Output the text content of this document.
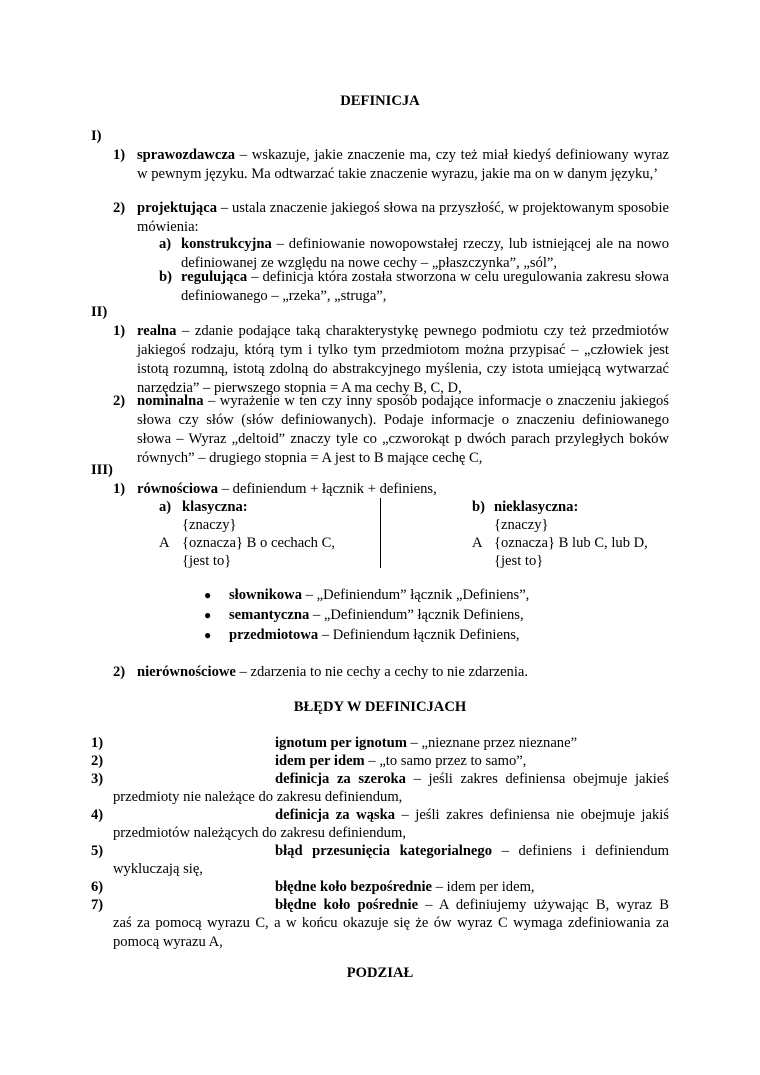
DEFINICJA
I)
1) sprawozdawcza – wskazuje, jakie znaczenie ma, czy też miał kiedyś definiowany wyraz w pewnym języku. Ma odtwarzać takie znaczenie wyrazu, jakie ma on w danym języku,’
2) projektująca – ustala znaczenie jakiegoś słowa na przyszłość, w projektowanym sposobie mówienia:
a) konstrukcyjna – definiowanie nowopowstałej rzeczy, lub istniejącej ale na nowo definiowanej ze względu na nowe cechy – „płaszczynka”, „sól”,
b) regulująca – definicja która została stworzona w celu uregulowania zakresu słowa definiowanego – „rzeka”, „struga”,
II)
1) realna – zdanie podające taką charakterystykę pewnego podmiotu czy też przedmiotów jakiegoś rodzaju, którą tym i tylko tym przedmiotom można przypisać – „człowiek jest istotą rozumną, istotą zdolną do abstrakcyjnego myślenia, czy istota umiejącą wytwarzać narzędzia” – pierwszego stopnia = A ma cechy B, C, D,
2) nominalna – wyrażenie w ten czy inny sposób podające informacje o znaczeniu jakiegoś słowa czy słów (słów definiowanych). Podaje informacje o znaczeniu definiowanego słowa – Wyraz „deltoid” znaczy tyle co „czworokąt p dwóch parach przyległych boków równych” – drugiego stopnia = A jest to B mające cechę C,
III)
1) równościowa – definiendum + łącznik + definiens,
a) klasyczna:
{znaczy}
A {oznacza} B o cechach C,
{jest to}
b) nieklasyczna:
{znaczy}
A {oznacza} B lub C, lub D,
{jest to}
● słownikowa – „Definiendum” łącznik „Definiens”,
● semantyczna – „Definiendum” łącznik Definiens,
● przedmiotowa – Definiendum łącznik Definiens,
2) nierównościowe – zdarzenia to nie cechy a cechy to nie zdarzenia.
BŁĘDY W DEFINICJACH
1)	ignotum per ignotum – „nieznane przez nieznane”
2)	idem per idem – „to samo przez to samo”,
3)	definicja za szeroka – jeśli zakres definiensa obejmuje jakieś
przedmioty nie należące do zakresu definiendum,
4)	definicja za wąska – jeśli zakres definiensa nie obejmuje jakiś
przedmiotów należących do zakresu definiendum,
5)	błąd przesunięcia kategorialnego – definiens i definiendum
wykluczają się,
6)	błędne koło bezpośrednie – idem per idem,
7)	błędne koło pośrednie – A definiujemy używając B, wyraz B
zaś za pomocą wyrazu C, a w końcu okazuje się że ów wyraz C wymaga zdefiniowania za pomocą wyrazu A,
PODZIAŁ
